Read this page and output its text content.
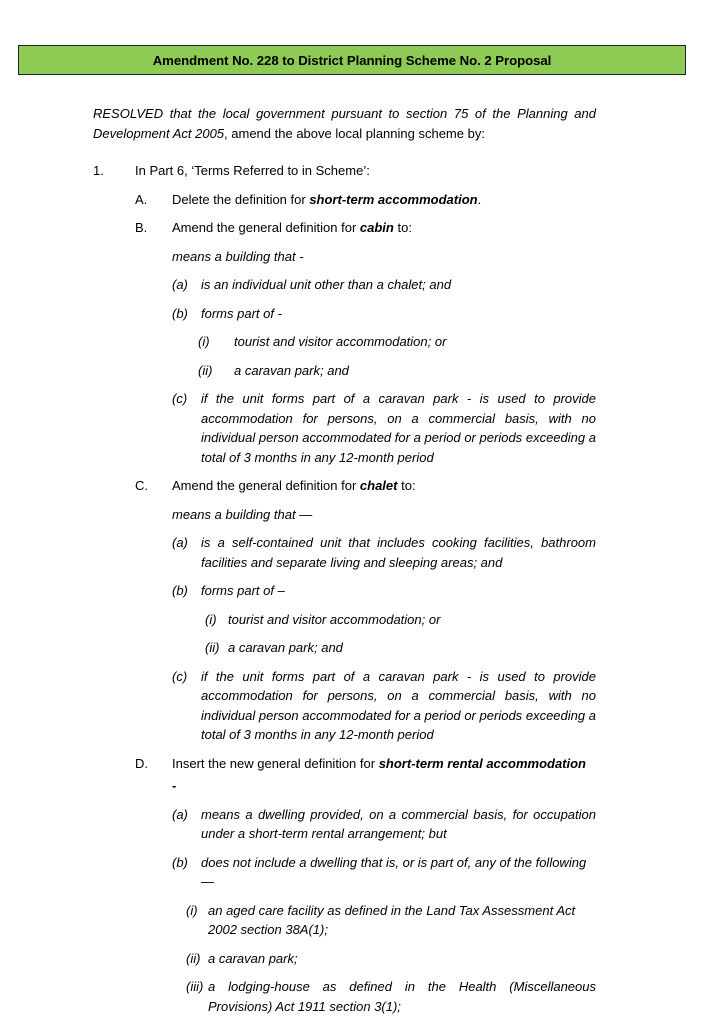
Amendment No. 228 to District Planning Scheme No. 2 Proposal

RESOLVED that the local government pursuant to section 75 of the Planning and Development Act 2005, amend the above local planning scheme by:

1.	In Part 6, ‘Terms Referred to in Scheme’:
A.	Delete the definition for short-term accommodation.
B.	Amend the general definition for cabin to:

means a building that -

(a)	is an individual unit other than a chalet; and
(b)	forms part of -
(i)	tourist and visitor accommodation; or
(ii)	a caravan park; and
(c)	if the unit forms part of a caravan park - is used to provide accommodation for persons, on a commercial basis, with no individual person accommodated for a period or periods exceeding a total of 3 months in any 12-month period
C.	Amend the general definition for chalet to:

means a building that —

(a)	is a self-contained unit that includes cooking facilities, bathroom facilities and separate living and sleeping areas; and
(b)	forms part of –
(i) tourist and visitor accommodation; or
(ii) a caravan park; and
(c)	if the unit forms part of a caravan park - is used to provide accommodation for persons, on a commercial basis, with no individual person accommodated for a period or periods exceeding a total of 3 months in any 12-month period
D.	Insert the new general definition for short-term rental accommodation

-

(a)	means a dwelling provided, on a commercial basis, for occupation under a short-term rental arrangement; but
(b)	does not include a dwelling that is, or is part of, any of the following —
(i) an aged care facility as defined in the Land Tax Assessment Act 2002 section 38A(1);
(ii) a caravan park;
(iii) a lodging-house as defined in the Health (Miscellaneous Provisions) Act 1911 section 3(1);
